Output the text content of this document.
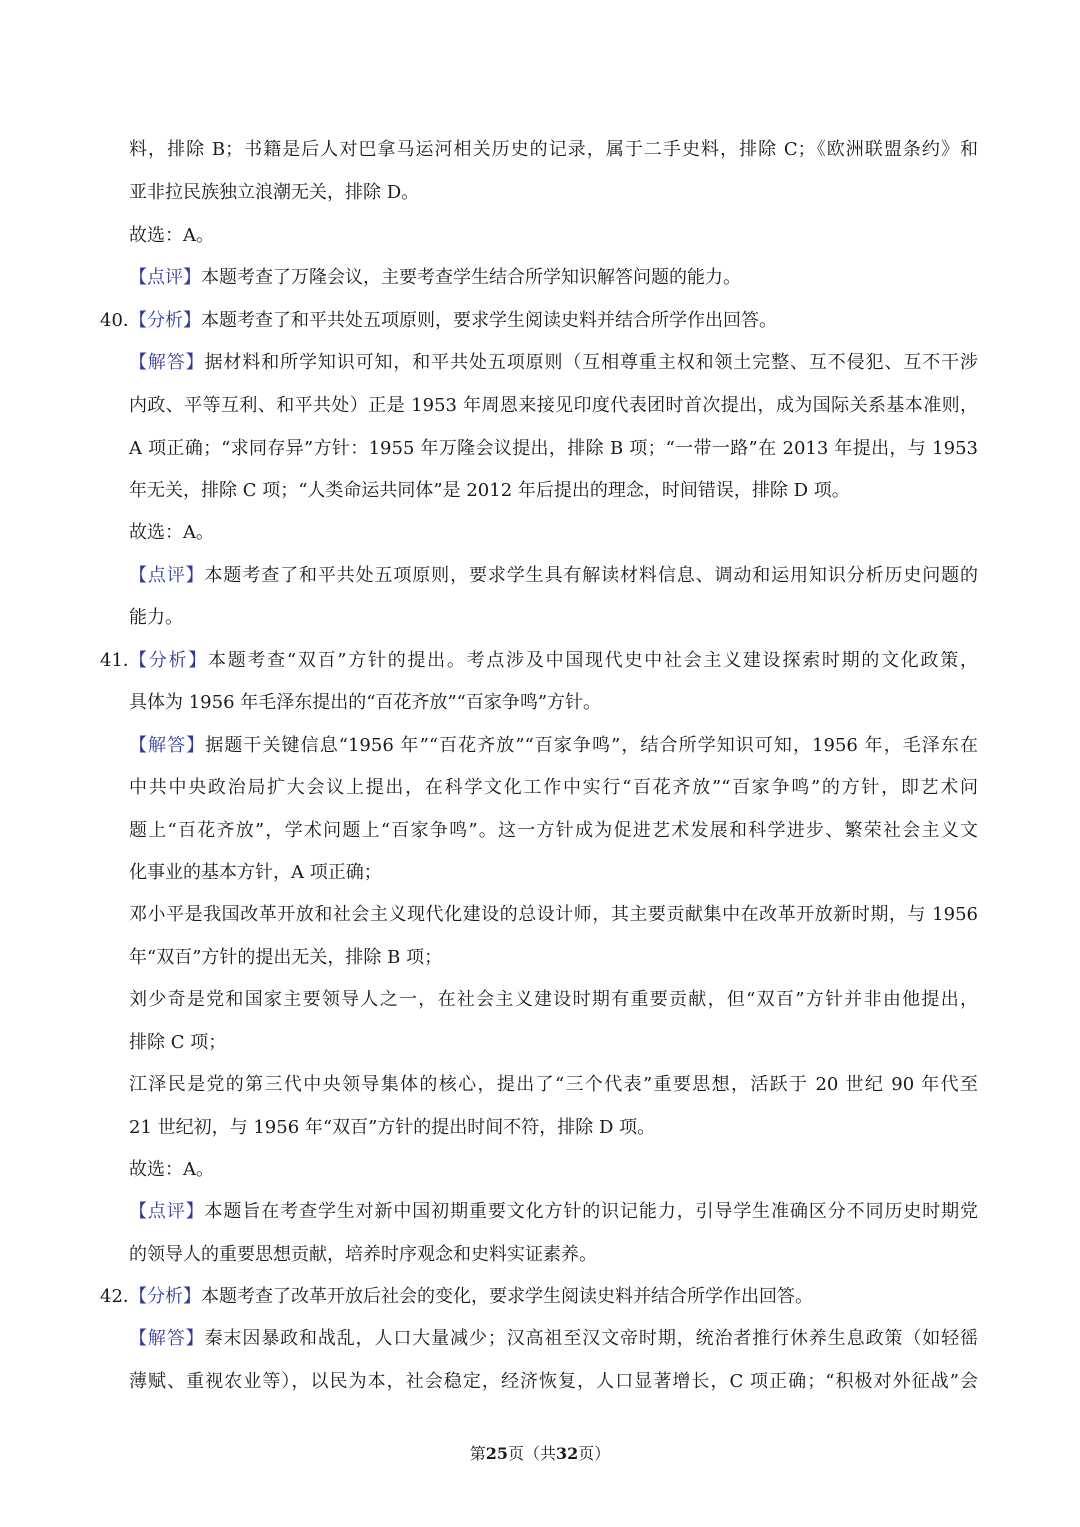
料，排除 B；书籍是后人对巴拿马运河相关历史的记录，属于二手史料，排除 C；《欧洲联盟条约》和
亚非拉民族独立浪潮无关，排除 D。
故选：A。
【点评】本题考查了万隆会议，主要考查学生结合所学知识解答问题的能力。
40．
【分析】本题考查了和平共处五项原则，要求学生阅读史料并结合所学作出回答。
【解答】据材料和所学知识可知，和平共处五项原则（互相尊重主权和领土完整、互不侵犯、互不干涉
内政、平等互利、和平共处）正是 1953 年周恩来接见印度代表团时首次提出，成为国际关系基本准则，
A 项正确；“求同存异”方针：1955 年万隆会议提出，排除 B 项；“一带一路”在 2013 年提出，与 1953
年无关，排除 C 项；“人类命运共同体”是 2012 年后提出的理念，时间错误，排除 D 项。
故选：A。
【点评】本题考查了和平共处五项原则，要求学生具有解读材料信息、调动和运用知识分析历史问题的
能力。
41．
【分析】本题考查“双百”方针的提出。考点涉及中国现代史中社会主义建设探索时期的文化政策，
具体为 1956 年毛泽东提出的“百花齐放”“百家争鸣”方针。
【解答】据题干关键信息“1956 年”“百花齐放”“百家争鸣”，结合所学知识可知，1956 年，毛泽东在
中共中央政治局扩大会议上提出，在科学文化工作中实行“百花齐放”“百家争鸣”的方针，即艺术问
题上“百花齐放”，学术问题上“百家争鸣”。这一方针成为促进艺术发展和科学进步、繁荣社会主义文
化事业的基本方针，A 项正确；
邓小平是我国改革开放和社会主义现代化建设的总设计师，其主要贡献集中在改革开放新时期，与 1956
年“双百”方针的提出无关，排除 B 项；
刘少奇是党和国家主要领导人之一，在社会主义建设时期有重要贡献，但“双百”方针并非由他提出，
排除 C 项；
江泽民是党的第三代中央领导集体的核心，提出了“三个代表”重要思想，活跃于 20 世纪 90 年代至
21 世纪初，与 1956 年“双百”方针的提出时间不符，排除 D 项。
故选：A。
【点评】本题旨在考查学生对新中国初期重要文化方针的识记能力，引导学生准确区分不同历史时期党
的领导人的重要思想贡献，培养时序观念和史料实证素养。
42．
【分析】本题考查了改革开放后社会的变化，要求学生阅读史料并结合所学作出回答。
【解答】秦末因暴政和战乱，人口大量减少；汉高祖至汉文帝时期，统治者推行休养生息政策（如轻徭
薄赋、重视农业等），以民为本，社会稳定，经济恢复，人口显著增长，C 项正确；“积极对外征战”会
第25页（共32页）
